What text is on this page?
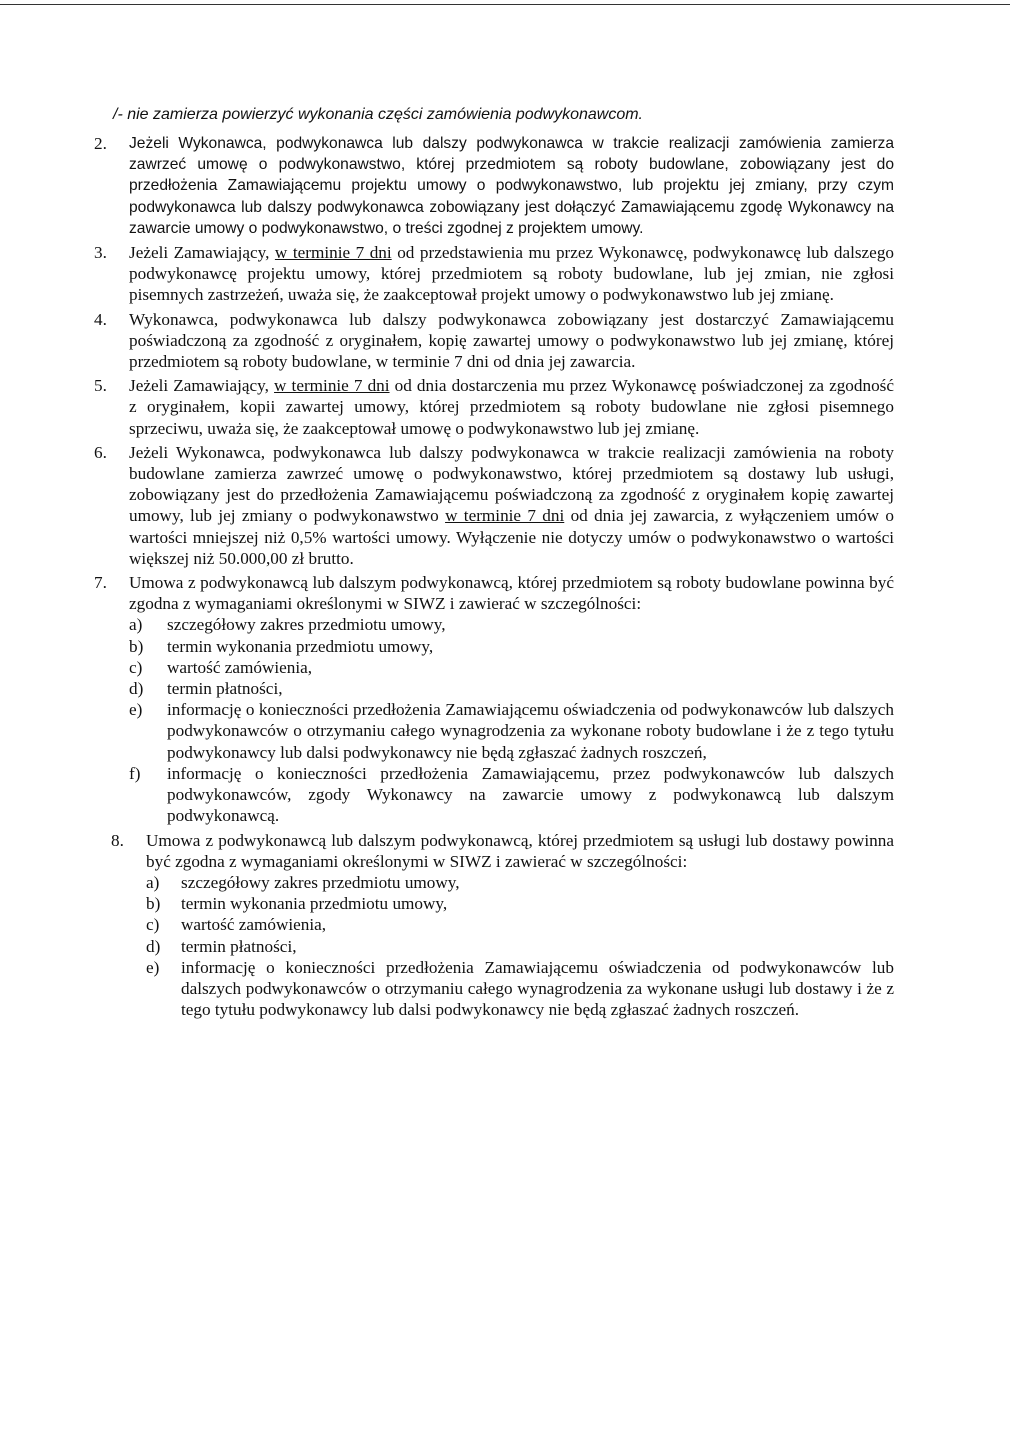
/- nie zamierza powierzyć wykonania części zamówienia podwykonawcom.
2. Jeżeli Wykonawca, podwykonawca lub dalszy podwykonawca w trakcie realizacji zamówienia zamierza zawrzeć umowę o podwykonawstwo, której przedmiotem są roboty budowlane, zobowiązany jest do przedłożenia Zamawiającemu projektu umowy o podwykonawstwo, lub projektu jej zmiany, przy czym podwykonawca lub dalszy podwykonawca zobowiązany jest dołączyć Zamawiającemu zgodę Wykonawcy na zawarcie umowy o podwykonawstwo, o treści zgodnej z projektem umowy.
3. Jeżeli Zamawiający, w terminie 7 dni od przedstawienia mu przez Wykonawcę, podwykonawcę lub dalszego podwykonawcę projektu umowy, której przedmiotem są roboty budowlane, lub jej zmian, nie zgłosi pisemnych zastrzeżeń, uważa się, że zaakceptował projekt umowy o podwykonawstwo lub jej zmianę.
4. Wykonawca, podwykonawca lub dalszy podwykonawca zobowiązany jest dostarczyć Zamawiającemu poświadczoną za zgodność z oryginałem, kopię zawartej umowy o podwykonawstwo lub jej zmianę, której przedmiotem są roboty budowlane, w terminie 7 dni od dnia jej zawarcia.
5. Jeżeli Zamawiający, w terminie 7 dni od dnia dostarczenia mu przez Wykonawcę poświadczonej za zgodność z oryginałem, kopii zawartej umowy, której przedmiotem są roboty budowlane nie zgłosi pisemnego sprzeciwu, uważa się, że zaakceptował umowę o podwykonawstwo lub jej zmianę.
6. Jeżeli Wykonawca, podwykonawca lub dalszy podwykonawca w trakcie realizacji zamówienia na roboty budowlane zamierza zawrzeć umowę o podwykonawstwo, której przedmiotem są dostawy lub usługi, zobowiązany jest do przedłożenia Zamawiającemu poświadczoną za zgodność z oryginałem kopię zawartej umowy, lub jej zmiany o podwykonawstwo w terminie 7 dni od dnia jej zawarcia, z wyłączeniem umów o wartości mniejszej niż 0,5% wartości umowy. Wyłączenie nie dotyczy umów o podwykonawstwo o wartości większej niż 50.000,00 zł brutto.
7. Umowa z podwykonawcą lub dalszym podwykonawcą, której przedmiotem są roboty budowlane powinna być zgodna z wymaganiami określonymi w SIWZ i zawierać w szczególności:
a) szczegółowy zakres przedmiotu umowy,
b) termin wykonania przedmiotu umowy,
c) wartość zamówienia,
d) termin płatności,
e) informację o konieczności przedłożenia Zamawiającemu oświadczenia od podwykonawców lub dalszych podwykonawców o otrzymaniu całego wynagrodzenia za wykonane roboty budowlane i że z tego tytułu podwykonawcy lub dalsi podwykonawcy nie będą zgłaszać żadnych roszczeń,
f) informację o konieczności przedłożenia Zamawiającemu, przez podwykonawców lub dalszych podwykonawców, zgody Wykonawcy na zawarcie umowy z podwykonawcą lub dalszym podwykonawcą.
8. Umowa z podwykonawcą lub dalszym podwykonawcą, której przedmiotem są usługi lub dostawy powinna być zgodna z wymaganiami określonymi w SIWZ i zawierać w szczególności:
a) szczegółowy zakres przedmiotu umowy,
b) termin wykonania przedmiotu umowy,
c) wartość zamówienia,
d) termin płatności,
e) informację o konieczności przedłożenia Zamawiającemu oświadczenia od podwykonawców lub dalszych podwykonawców o otrzymaniu całego wynagrodzenia za wykonane usługi lub dostawy i że z tego tytułu podwykonawcy lub dalsi podwykonawcy nie będą zgłaszać żadnych roszczeń.
